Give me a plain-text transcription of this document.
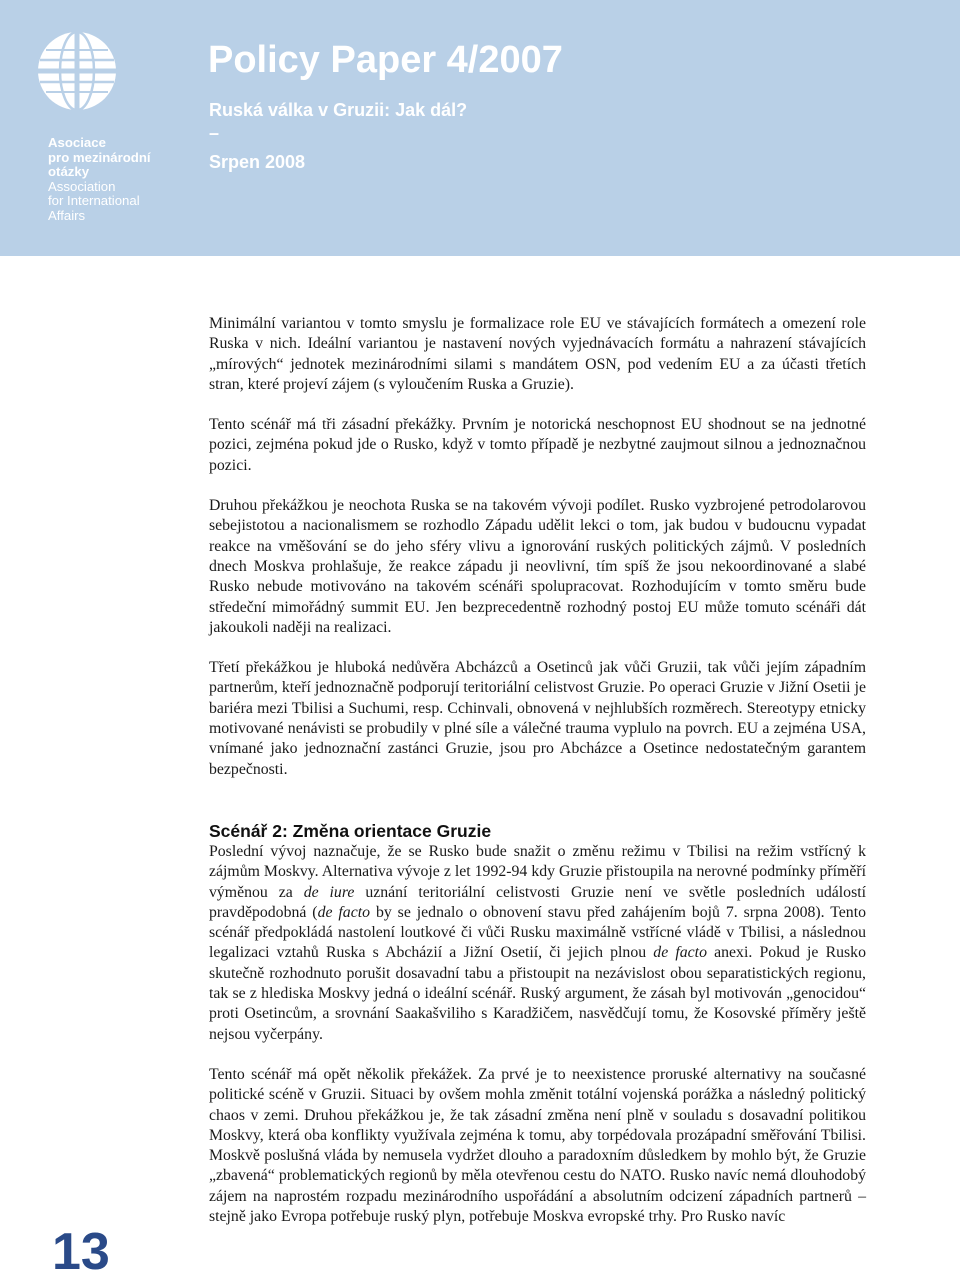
Asociace
pro mezinárodní
otázky
Association
for International
Affairs
Policy Paper 4/2007
Ruská válka v Gruzii: Jak dál?
–
Srpen 2008

Minimální variantou v tomto smyslu je formalizace role EU ve stávajících formátech a omezení role Ruska v nich. Ideální variantou je nastavení nových vyjednávacích formátu a nahrazení stávajících „mírových“ jednotek mezinárodními silami s mandátem OSN, pod vedením EU a za účasti třetích stran, které projeví zájem (s vyloučením Ruska a Gruzie).

Tento scénář má tři zásadní překážky. Prvním je notorická neschopnost EU shodnout se na jednotné pozici, zejména pokud jde o Rusko, když v tomto případě je nezbytné zaujmout silnou a jednoznačnou pozici.

Druhou překážkou je neochota Ruska se na takovém vývoji podílet. Rusko vyzbrojené petrodolarovou sebejistotou a nacionalismem se rozhodlo Západu udělit lekci o tom, jak budou v budoucnu vypadat reakce na vměšování se do jeho sféry vlivu a ignorování ruských politických zájmů. V posledních dnech Moskva prohlašuje, že reakce západu ji neovlivní, tím spíš že jsou nekoordinované a slabé Rusko nebude motivováno na takovém scénáři spolupracovat. Rozhodujícím v tomto směru bude středeční mimořádný summit EU. Jen bezprecedentně rozhodný postoj EU může tomuto scénáři dát jakoukoli naději na realizaci.

Třetí překážkou je hluboká nedůvěra Abcházců a Osetinců jak vůči Gruzii, tak vůči jejím západním partnerům, kteří jednoznačně podporují teritoriální celistvost Gruzie. Po operaci Gruzie v Jižní Osetii je bariéra mezi Tbilisi a Suchumi, resp. Cchinvali, obnovená v nejhlubších rozměrech. Stereotypy etnicky motivované nenávisti se probudily v plné síle a válečné trauma vyplulo na povrch. EU a zejména USA, vnímané jako jednoznační zastánci Gruzie, jsou pro Abcházce a Osetince nedostatečným garantem bezpečnosti.

Scénář 2: Změna orientace Gruzie

Poslední vývoj naznačuje, že se Rusko bude snažit o změnu režimu v Tbilisi na režim vstřícný k zájmům Moskvy. Alternativa vývoje z let 1992-94 kdy Gruzie přistoupila na nerovné podmínky příměří výměnou za de iure uznání teritoriální celistvosti Gruzie není ve světle posledních událostí pravděpodobná (de facto by se jednalo o obnovení stavu před zahájením bojů 7. srpna 2008). Tento scénář předpokládá nastolení loutkové či vůči Rusku maximálně vstřícné vládě v Tbilisi, a následnou legalizaci vztahů Ruska s Abcházií a Jižní Osetií, či jejich plnou de facto anexi. Pokud je Rusko skutečně rozhodnuto porušit dosavadní tabu a přistoupit na nezávislost obou separatistických regionu, tak se z hlediska Moskvy jedná o ideální scénář. Ruský argument, že zásah byl motivován „genocidou“ proti Osetincům, a srovnání Saakašviliho s Karadžičem, nasvědčují tomu, že Kosovské příměry ještě nejsou vyčerpány.

Tento scénář má opět několik překážek. Za prvé je to neexistence proruské alternativy na současné politické scéně v Gruzii. Situaci by ovšem mohla změnit totální vojenská porážka a následný politický chaos v zemi. Druhou překážkou je, že tak zásadní změna není plně v souladu s dosavadní politikou Moskvy, která oba konflikty využívala zejména k tomu, aby torpédovala prozápadní směřování Tbilisi. Moskvě poslušná vláda by nemusela vydržet dlouho a paradoxním důsledkem by mohlo být, že Gruzie „zbavená“ problematických regionů by měla otevřenou cestu do NATO. Rusko navíc nemá dlouhodobý zájem na naprostém rozpadu mezinárodního uspořádání a absolutním odcizení západních partnerů – stejně jako Evropa potřebuje ruský plyn, potřebuje Moskva evropské trhy. Pro Rusko navíc

13
